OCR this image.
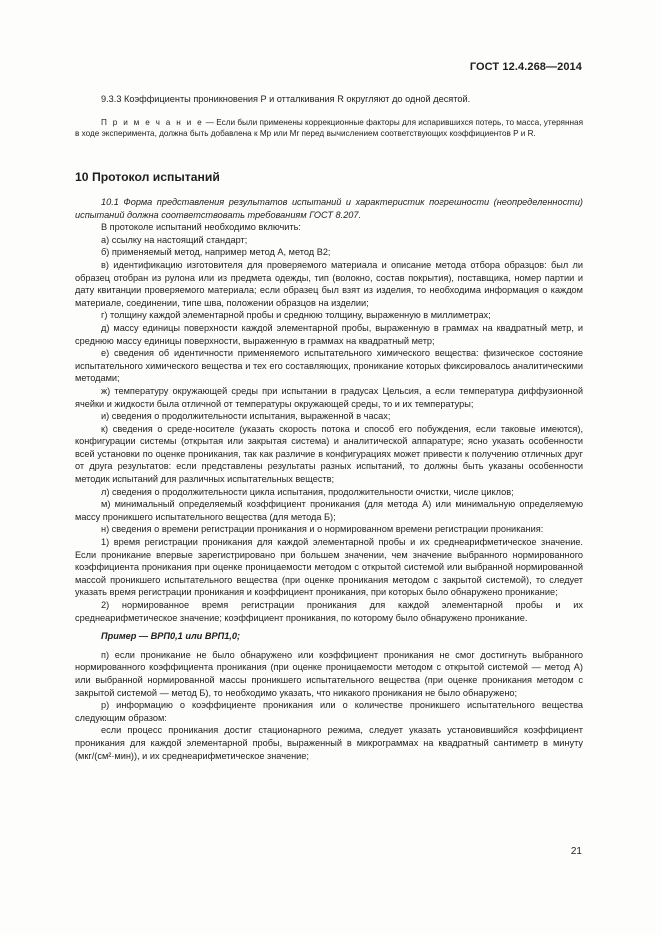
ГОСТ 12.4.268—2014

9.3.3 Коэффициенты проникновения P и отталкивания R округляют до одной десятой.

П р и м е ч а н и е — Если были применены коррекционные факторы для испарившихся потерь, то масса, утерянная в ходе эксперимента, должна быть добавлена к Mp или Mr перед вычислением соответствующих коэффициентов P и R.

10 Протокол испытаний

10.1 Форма представления результатов испытаний и характеристик погрешности (неопределенности) испытаний должна соответствовать требованиям ГОСТ 8.207.

В протоколе испытаний необходимо включить:

а) ссылку на настоящий стандарт;

б) применяемый метод, например метод А, метод В2;

в) идентификацию изготовителя для проверяемого материала и описание метода отбора образцов: был ли образец отобран из рулона или из предмета одежды, тип (волокно, состав покрытия), поставщика, номер партии и дату квитанции проверяемого материала; если образец был взят из изделия, то необходима информация о каждом материале, соединении, типе шва, положении образцов на изделии;

г) толщину каждой элементарной пробы и среднюю толщину, выраженную в миллиметрах;

д) массу единицы поверхности каждой элементарной пробы, выраженную в граммах на квадратный метр, и среднюю массу единицы поверхности, выраженную в граммах на квадратный метр;

е) сведения об идентичности применяемого испытательного химического вещества: физическое состояние испытательного химического вещества и тех его составляющих, проникание которых фиксировалось аналитическими методами;

ж) температуру окружающей среды при испытании в градусах Цельсия, а если температура диффузионной ячейки и жидкости была отличной от температуры окружающей среды, то и их температуры;

и) сведения о продолжительности испытания, выраженной в часах;

к) сведения о среде-носителе (указать скорость потока и способ его побуждения, если таковые имеются), конфигурации системы (открытая или закрытая система) и аналитической аппаратуре; ясно указать особенности всей установки по оценке проникания, так как различие в конфигурациях может привести к получению отличных друг от друга результатов: если представлены результаты разных испытаний, то должны быть указаны особенности методик испытаний для различных испытательных веществ;

л) сведения о продолжительности цикла испытания, продолжительности очистки, числе циклов;

м) минимальный определяемый коэффициент проникания (для метода А) или минимальную определяемую массу проникшего испытательного вещества (для метода Б);

н) сведения о времени регистрации проникания и о нормированном времени регистрации проникания:

1) время регистрации проникания для каждой элементарной пробы и их среднеарифметическое значение. Если проникание впервые зарегистрировано при большем значении, чем значение выбранного нормированного коэффициента проникания при оценке проницаемости методом с открытой системой или выбранной нормированной массой проникшего испытательного вещества (при оценке проникания методом с закрытой системой), то следует указать время регистрации проникания и коэффициент проникания, при которых было обнаружено проникание;

2) нормированное время регистрации проникания для каждой элементарной пробы и их среднеарифметическое значение; коэффициент проникания, по которому было обнаружено проникание.

Пример — ВРП0,1 или ВРП1,0;

п) если проникание не было обнаружено или коэффициент проникания не смог достигнуть выбранного нормированного коэффициента проникания (при оценке проницаемости методом с открытой системой — метод А) или выбранной нормированной массы проникшего испытательного вещества (при оценке проникания методом с закрытой системой — метод Б), то необходимо указать, что никакого проникания не было обнаружено;

р) информацию о коэффициенте проникания или о количестве проникшего испытательного вещества следующим образом:

если процесс проникания достиг стационарного режима, следует указать установившийся коэффициент проникания для каждой элементарной пробы, выраженный в микрограммах на квадратный сантиметр в минуту (мкг/(см²·мин)), и их среднеарифметическое значение;

21
